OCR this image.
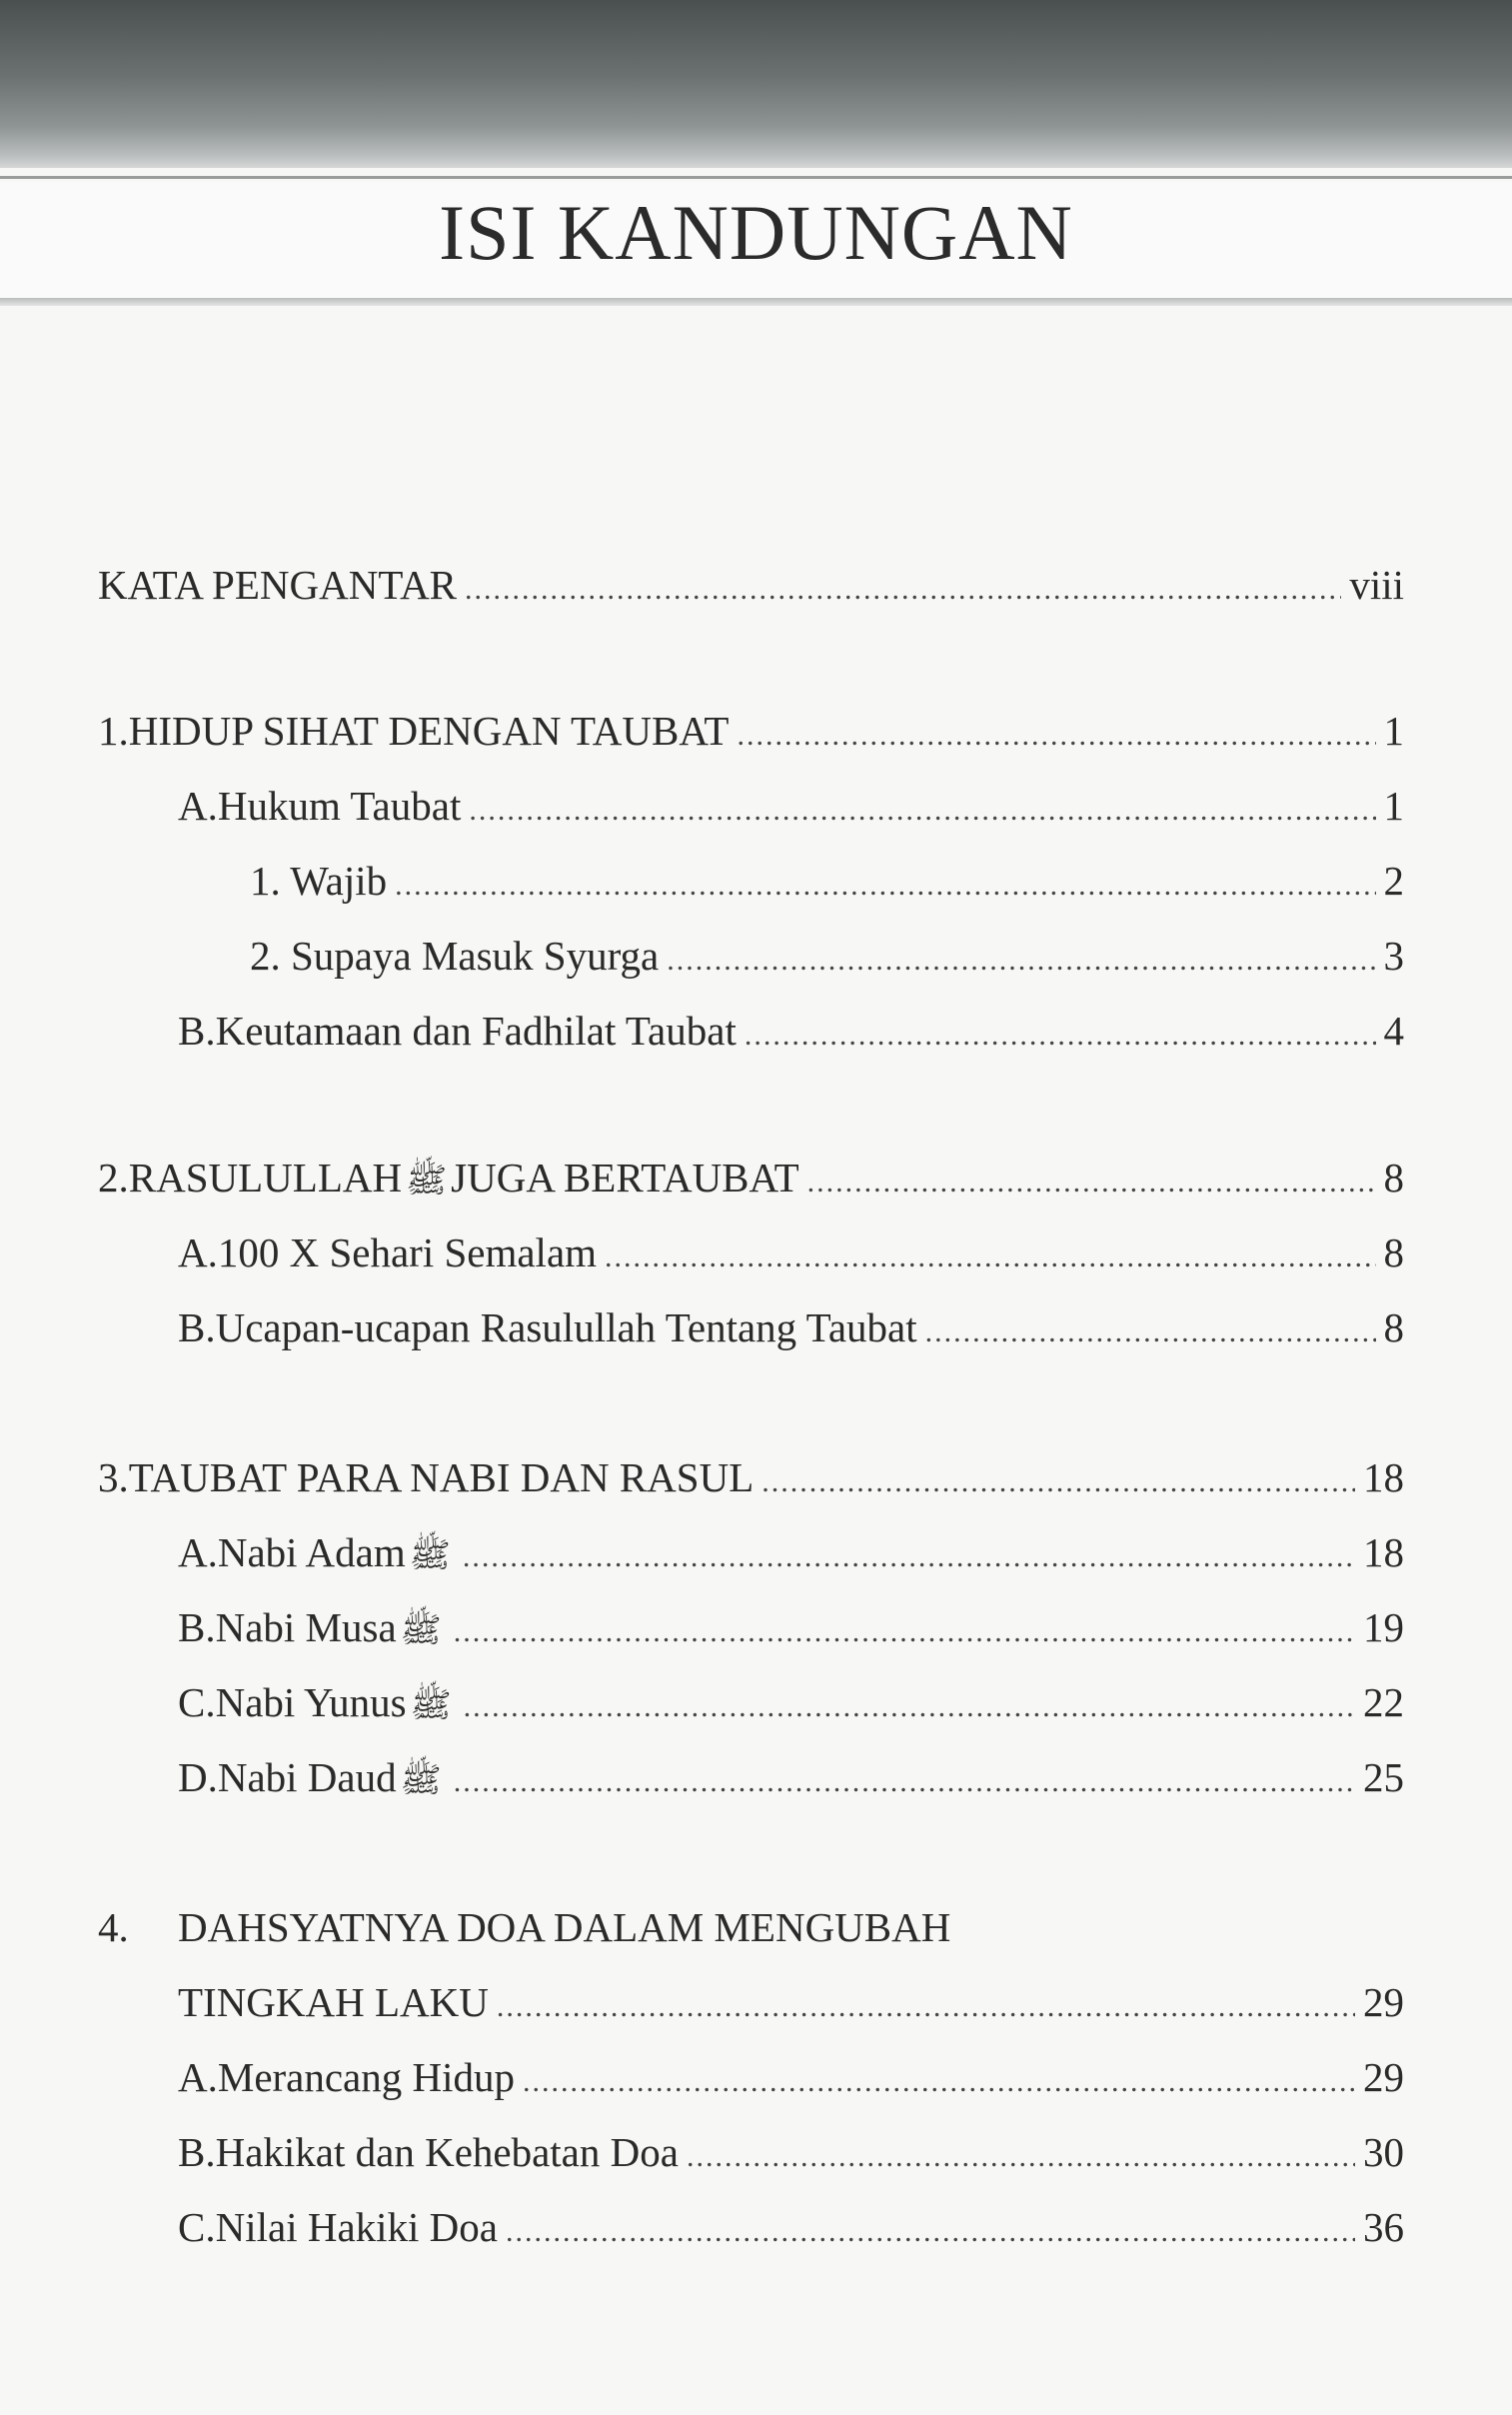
ISI KANDUNGAN
KATA PENGANTAR .....	viii
1. HIDUP SIHAT DENGAN TAUBAT .....	1
A. Hukum Taubat .....	1
1. Wajib .....	2
2. Supaya Masuk Syurga .....	3
B. Keutamaan dan Fadhilat Taubat .....	4
2. RASULULLAH ﷺJUGA BERTAUBAT .....	8
A. 100 X Sehari Semalam .....	8
B. Ucapan-ucapan Rasulullah Tentang Taubat .....	8
3. TAUBAT PARA NABI DAN RASUL .....	18
A. Nabi Adam ﷺ .....	18
B. Nabi Musa ﷺ .....	19
C. Nabi Yunus ﷺ .....	22
D. Nabi Daud ﷺ .....	25
4.	DAHSYATNYA DOA DALAM MENGUBAH
TINGKAH LAKU .....	29
A. Merancang Hidup .....	29
B. Hakikat dan Kehebatan Doa .....	30
C. Nilai Hakiki Doa .....	36
